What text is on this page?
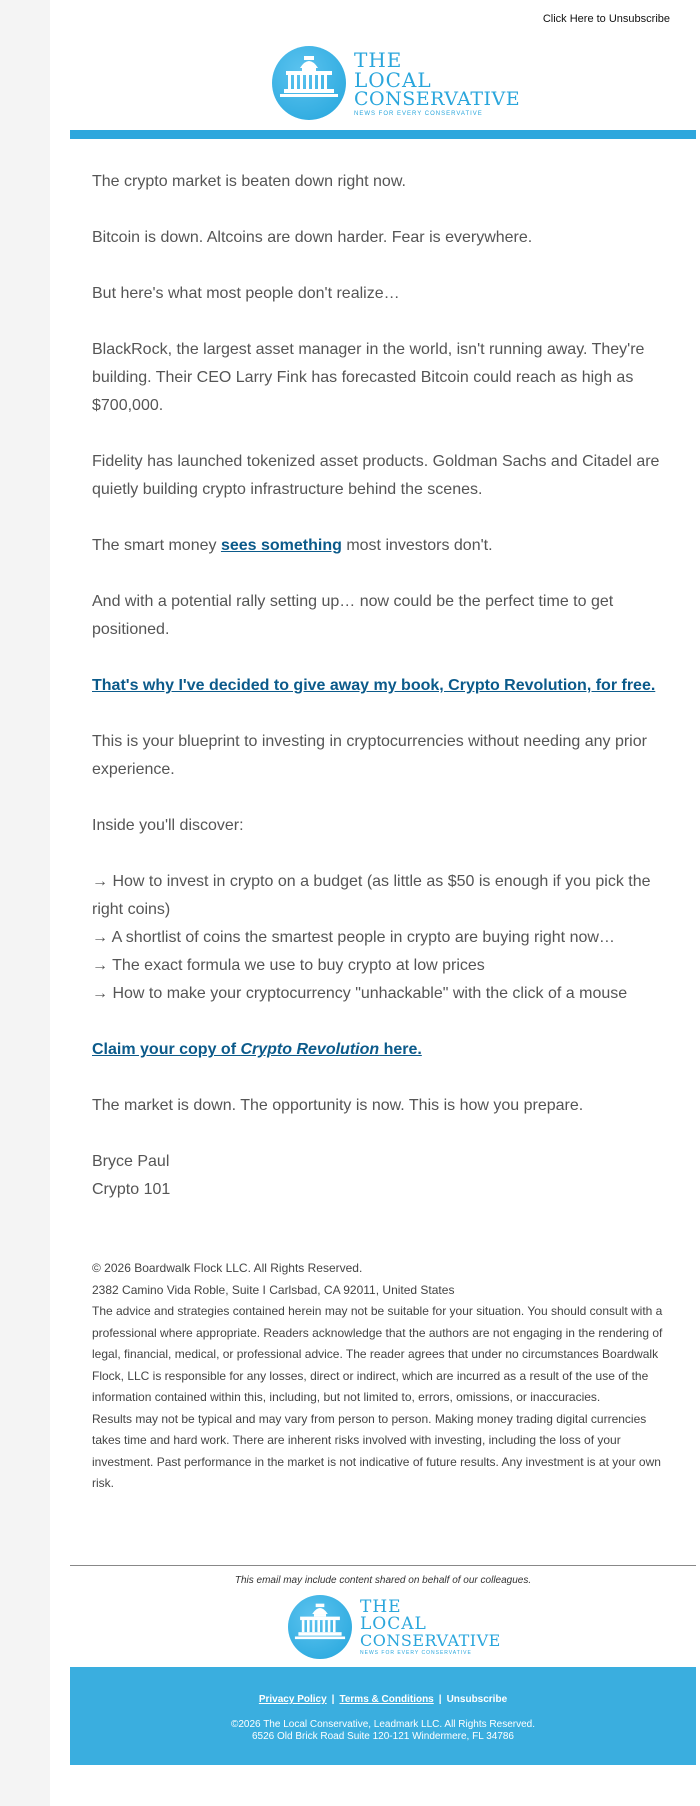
Click Here to Unsubscribe
THE
LOCAL
CONSERVATIVE
NEWS FOR EVERY CONSERVATIVE

The crypto market is beaten down right now.

Bitcoin is down. Altcoins are down harder. Fear is everywhere.

But here's what most people don't realize…

BlackRock, the largest asset manager in the world, isn't running away. They're building. Their CEO Larry Fink has forecasted Bitcoin could reach as high as $700,000.

Fidelity has launched tokenized asset products. Goldman Sachs and Citadel are quietly building crypto infrastructure behind the scenes.

The smart money sees something most investors don't.

And with a potential rally setting up… now could be the perfect time to get positioned.

That's why I've decided to give away my book, Crypto Revolution, for free.

This is your blueprint to investing in cryptocurrencies without needing any prior experience.

Inside you'll discover:

→ How to invest in crypto on a budget (as little as $50 is enough if you pick the right coins)

→ A shortlist of coins the smartest people in crypto are buying right now…

→ The exact formula we use to buy crypto at low prices

→ How to make your cryptocurrency "unhackable" with the click of a mouse

Claim your copy of Crypto Revolution here.

The market is down. The opportunity is now. This is how you prepare.

Bryce Paul

Crypto 101

© 2026 Boardwalk Flock LLC. All Rights Reserved.

2382 Camino Vida Roble, Suite I Carlsbad, CA 92011, United States

The advice and strategies contained herein may not be suitable for your situation. You should consult with a professional where appropriate. Readers acknowledge that the authors are not engaging in the rendering of legal, financial, medical, or professional advice. The reader agrees that under no circumstances Boardwalk Flock, LLC is responsible for any losses, direct or indirect, which are incurred as a result of the use of the information contained within this, including, but not limited to, errors, omissions, or inaccuracies.

Results may not be typical and may vary from person to person. Making money trading digital currencies takes time and hard work. There are inherent risks involved with investing, including the loss of your investment. Past performance in the market is not indicative of future results. Any investment is at your own risk.

This email may include content shared on behalf of our colleagues.
THE
LOCAL
CONSERVATIVE
NEWS FOR EVERY CONSERVATIVE
Privacy Policy | Terms & Conditions | Unsubscribe
©2026 The Local Conservative, Leadmark LLC. All Rights Reserved.
6526 Old Brick Road Suite 120-121 Windermere, FL 34786
